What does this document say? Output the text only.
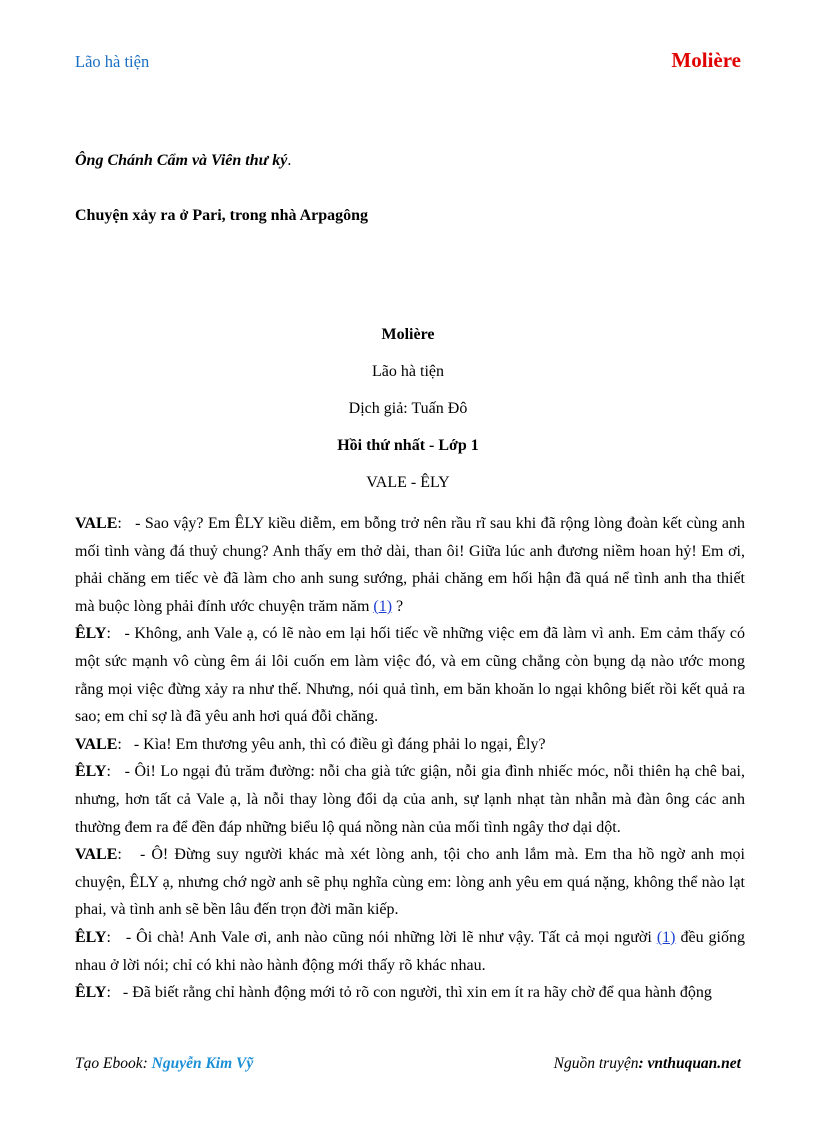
Lão hà tiện	Molière
Ông Chánh Cẩm và Viên thư ký.
Chuyện xảy ra ở Pari, trong nhà Arpagông
Molière
Lão hà tiện
Dịch giả: Tuấn Đô
Hồi thứ nhất - Lớp 1
VALE - ÊLY

VALE:   - Sao vậy? Em ÊLY kiều diễm, em bỗng trở nên rầu rĩ sau khi đã rộng lòng đoàn kết cùng anh mối tình vàng đá thuỷ chung? Anh thấy em thở dài, than ôi! Giữa lúc anh đương niềm hoan hỷ! Em ơi, phải chăng em tiếc vè đã làm cho anh sung sướng, phải chăng em hối hận đã quá nể tình anh tha thiết mà buộc lòng phải đính ước chuyện trăm năm (1) ?

ÊLY:   - Không, anh Vale ạ, có lẽ nào em lại hối tiếc về những việc em đã làm vì anh. Em cảm thấy có một sức mạnh vô cùng êm ái lôi cuốn em làm việc đó, và em cũng chẳng còn bụng dạ nào ước mong rằng mọi việc đừng xảy ra như thế. Nhưng, nói quả tình, em băn khoăn lo ngại không biết rồi kết quả ra sao; em chỉ sợ là đã yêu anh hơi quá đỗi chăng.

VALE:   - Kìa! Em thương yêu anh, thì có điều gì đáng phải lo ngại, Êly?

ÊLY:   - Ôi! Lo ngại đủ trăm đường: nỗi cha già tức giận, nỗi gia đình nhiếc móc, nỗi thiên hạ chê bai, nhưng, hơn tất cả Vale ạ, là nỗi thay lòng đổi dạ của anh, sự lạnh nhạt tàn nhẫn mà đàn ông các anh thường đem ra để đền đáp những biểu lộ quá nồng nàn của mối tình ngây thơ dại dột.

VALE:   - Ô! Đừng suy người khác mà xét lòng anh, tội cho anh lắm mà. Em tha hồ ngờ anh mọi chuyện, ÊLY ạ, nhưng chớ ngờ anh sẽ phụ nghĩa cùng em: lòng anh yêu em quá nặng, không thể nào lạt phai, và tình anh sẽ bền lâu đến trọn đời mãn kiếp.

ÊLY:   - Ôi chà! Anh Vale ơi, anh nào cũng nói những lời lẽ như vậy. Tất cả mọi người (1) đều giống nhau ở lời nói; chỉ có khi nào hành động mới thấy rõ khác nhau.

ÊLY:   - Đã biết rằng chỉ hành động mới tỏ rõ con người, thì xin em ít ra hãy chờ để qua hành động

Tạo Ebook: Nguyễn Kim Vỹ	Nguồn truyện: vnthuquan.net
